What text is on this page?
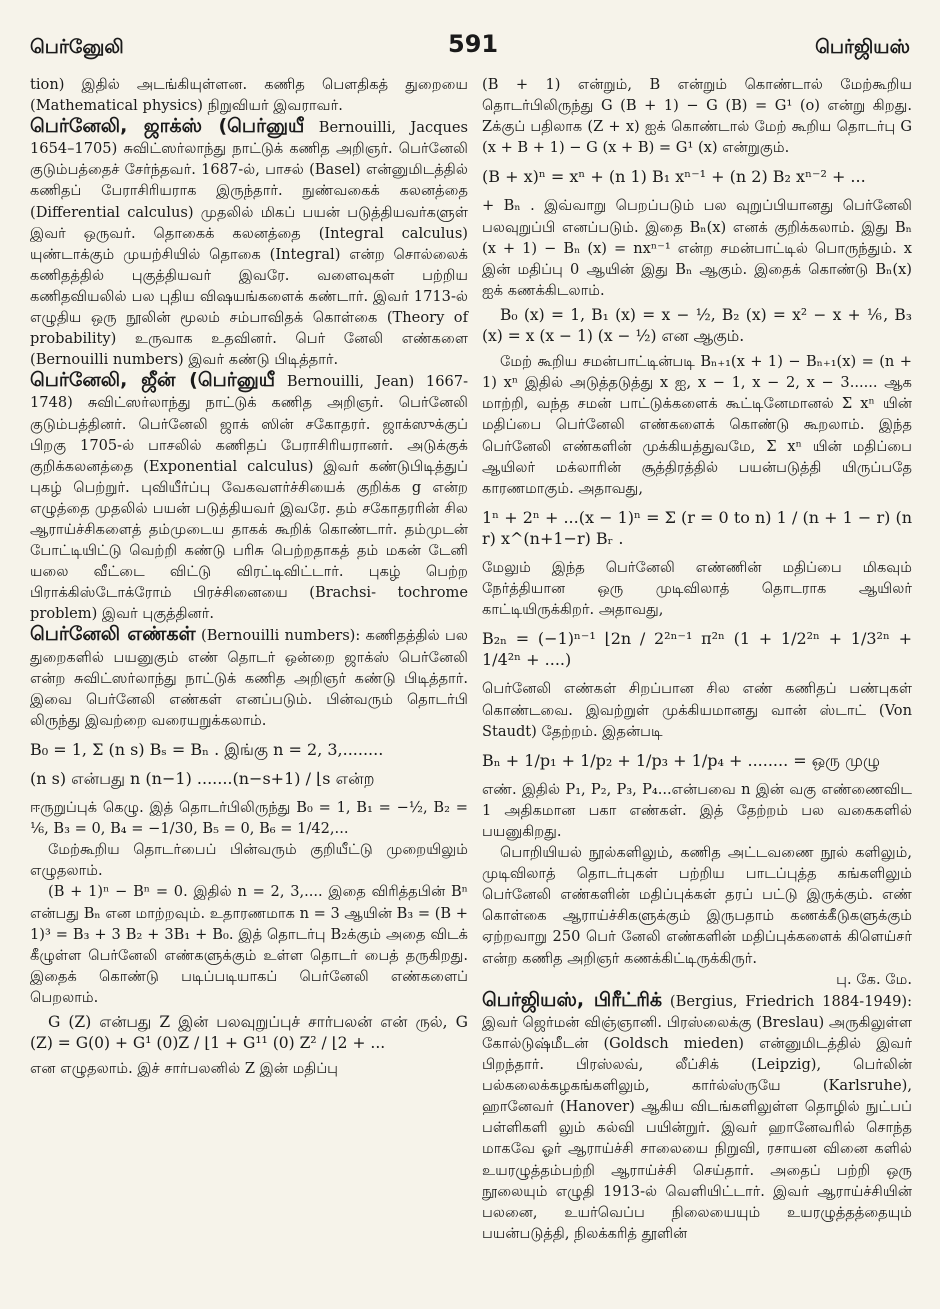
பெர்னுேலி	591	பெர்ஜியஸ்

tion) இதில் அடங்கியுள்ளன. கணித பௌதிகத் துறையை (Mathematical physics) நிறுவியர் இவராவர்.

பெர்னேலி, ஜாக்ஸ் (பெர்னுயீ Bernouilli, Jacques 1654–1705) சுவிட்ஸர்லாந்து நாட்டுக் கணித அறிஞர். பெர்னேலி குடும்பத்தைச் சேர்ந்தவர். 1687-ல், பாசல் (Basel) என்னுமிடத்தில் கணிதப் பேராசிரியராக இருந்தார். நுண்வகைக் கலனத்தை (Differential calculus) முதலில் மிகப் பயன் படுத்தியவர்களுள் இவர் ஒருவர். தொகைக் கலனத்தை (Integral calculus) யுண்டாக்கும் முயற்சியில் தொகை (Integral) என்ற சொல்லைக் கணிதத்தில் புகுத்தியவர் இவரே. வளைவுகள் பற்றிய கணிதவியலில் பல புதிய விஷயங்களைக் கண்டார். இவர் 1713-ல் எழுதிய ஒரு நூலின் மூலம் சம்பாவிதக் கொள்கை (Theory of probability) உருவாக உதவினர். பெர் னேலி எண்களை (Bernouilli numbers) இவர் கண்டு பிடித்தார்.

பெர்னேலி, ஜீன் (பெர்னுயீ Bernouilli, Jean) 1667-1748) சுவிட்ஸர்லாந்து நாட்டுக் கணித அறிஞர். பெர்னேலி குடும்பத்தினர். பெர்னேலி ஜாக் ஸின் சகோதரர். ஜாக்ஸுக்குப் பிறகு 1705-ல் பாசலில் கணிதப் பேராசிரியரானர். அடுக்குக் குறிக்கலனத்தை (Exponential calculus) இவர் கண்டுபிடித்துப் புகழ் பெற்றுர். புவியீர்ப்பு வேகவளர்ச்சியைக் குறிக்க g என்ற எழுத்தை முதலில் பயன் படுத்தியவர் இவரே. தம் சகோதரரின் சில ஆராய்ச்சிகளைத் தம்முடைய தாகக் கூறிக் கொண்டார். தம்முடன் போட்டியிட்டு வெற்றி கண்டு பரிசு பெற்றதாகத் தம் மகன் டேனி யலை வீட்டை விட்டு விரட்டிவிட்டார். புகழ் பெற்ற பிராக்கிஸ்டோக்ரோம் பிரச்சினையை (Brachsi- tochrome problem) இவர் புகுத்தினர்.

பெர்னேலி எண்கள் (Bernouilli numbers): கணிதத்தில் பல துறைகளில் பயனுகும் எண் தொடர் ஒன்றை ஜாக்ஸ் பெர்னேலி என்ற சுவிட்ஸர்லாந்து நாட்டுக் கணித அறிஞர் கண்டு பிடித்தார். இவை பெர்னேலி எண்கள் எனப்படும். பின்வரும் தொடர்பி லிருந்து இவற்றை வரையறுக்கலாம்.

B₀ = 1, Σ (n s) Bₛ = Bₙ . இங்கு n = 2, 3,........

(n s) என்பது n (n−1) .......(n−s+1) / ⌊s என்ற

ஈருறுப்புக் கெழு. இத் தொடர்பிலிருந்து B₀ = 1, B₁ = −½, B₂ = ⅙, B₃ = 0, B₄ = −1/30, B₅ = 0, B₆ = 1/42,...

மேற்கூறிய தொடர்பைப் பின்வரும் குறியீட்டு முறையிலும் எழுதலாம்.

(B + 1)ⁿ − Bⁿ = 0. இதில் n = 2, 3,.... இதை விரித்தபின் Bⁿ என்பது Bₙ என மாற்றவும். உதாரணமாக n = 3 ஆயின் B₃ = (B + 1)³ = B₃ + 3 B₂ + 3B₁ + B₀. இத் தொடர்பு B₂க்கும் அதை விடக் கீழுள்ள பெர்னேலி எண்களுக்கும் உள்ள தொடர் பைத் தருகிறது. இதைக் கொண்டு படிப்படியாகப் பெர்னேலி எண்களைப் பெறலாம்.

G (Z) என்பது Z இன் பலவுறுப்புச் சார்பலன் என் ருல், G (Z) = G(0) + G¹ (0)Z / ⌊1 + G¹¹ (0) Z² / ⌊2 + ...

என எழுதலாம். இச் சார்பலனில் Z இன் மதிப்பு

(B + 1) என்றும், B என்றும் கொண்டால் மேற்கூறிய தொடர்பிலிருந்து G (B + 1) − G (B) = G¹ (o) என்று கிறது. Zக்குப் பதிலாக (Z + x) ஐக் கொண்டால் மேற் கூறிய தொடர்பு G (x + B + 1) − G (x + B) = G¹ (x) என்றுகும்.

(B + x)ⁿ = xⁿ + (n 1) B₁ xⁿ⁻¹ + (n 2) B₂ xⁿ⁻² + ...

+ Bₙ . இவ்வாறு பெறப்படும் பல வுறுப்பியானது பெர்னேலி பலவுறுப்பி எனப்படும். இதை Bₙ(x) எனக் குறிக்கலாம். இது Bₙ (x + 1) − Bₙ (x) = nxⁿ⁻¹ என்ற சமன்பாட்டில் பொருந்தும். x இன் மதிப்பு 0 ஆயின் இது Bₙ ஆகும். இதைக் கொண்டு Bₙ(x) ஐக் கணக்கிடலாம்.

B₀ (x) = 1, B₁ (x) = x − ½, B₂ (x) = x² − x + ⅙, B₃ (x) = x (x − 1) (x − ½) என ஆகும்.

மேற் கூறிய சமன்பாட்டின்படி Bₙ₊₁(x + 1) − Bₙ₊₁(x) = (n + 1) xⁿ இதில் அடுத்தடுத்து x ஐ, x − 1, x − 2, x − 3...... ஆக மாற்றி, வந்த சமன் பாட்டுக்களைக் கூட்டினேமானல் Σ xⁿ யின் மதிப்பை பெர்னேலி எண்களைக் கொண்டு கூறலாம். இந்த பெர்னேலி எண்களின் முக்கியத்துவமே, Σ xⁿ யின் மதிப்பை ஆயிலர் மக்லாரின் சூத்திரத்தில் பயன்படுத்தி யிருப்பதே காரணமாகும். அதாவது,

1ⁿ + 2ⁿ + ...(x − 1)ⁿ = Σ (r = 0 to n) 1 / (n + 1 − r) (n r) x^(n+1−r) Bᵣ .

மேலும் இந்த பெர்னேலி எண்ணின் மதிப்பை மிகவும் நேர்த்தியான ஒரு முடிவிலாத் தொடராக ஆயிலர் காட்டியிருக்கிறர். அதாவது,

B₂ₙ = (−1)ⁿ⁻¹ ⌊2n / 2²ⁿ⁻¹ π²ⁿ (1 + 1/2²ⁿ + 1/3²ⁿ + 1/4²ⁿ + ....)

பெர்னேலி எண்கள் சிறப்பான சில எண் கணிதப் பண்புகள் கொண்டவை. இவற்றுள் முக்கியமானது வான் ஸ்டாட் (Von Staudt) தேற்றம். இதன்படி

Bₙ + 1/p₁ + 1/p₂ + 1/p₃ + 1/p₄ + ........ = ஒரு முழு

எண். இதில் P₁, P₂, P₃, P₄...என்பவை n இன் வகு எண்ணைவிட 1 அதிகமான பகா எண்கள். இத் தேற்றம் பல வகைகளில் பயனுகிறது.

பொறியியல் நூல்களிலும், கணித அட்டவணை நூல் களிலும், முடிவிலாத் தொடர்புகள் பற்றிய பாடப்புத்த கங்களிலும் பெர்னேலி எண்களின் மதிப்புக்கள் தரப் பட்டு இருக்கும். எண் கொள்கை ஆராய்ச்சிகளுக்கும் இருபதாம் கணக்கீடுகளுக்கும் ஏற்றவாறு 250 பெர் னேலி எண்களின் மதிப்புக்களைக் கிளெய்சர் என்ற கணித அறிஞர் கணக்கிட்டிருக்கிருர்.

பு. கே. மே.

பெர்ஜியஸ், பிரீட்ரிக் (Bergius, Friedrich 1884-1949): இவர் ஜெர்மன் விஞ்ஞானி. பிரஸ்லைக்கு (Breslau) அருகிலுள்ள கோல்டுஷ்மீடன் (Goldsch mieden) என்னுமிடத்தில் இவர் பிறந்தார். பிரஸ்லவ், லீப்சிக் (Leipzig), பெர்லின் பல்கலைக்கழகங்களிலும், கார்ல்ஸ்ருயே (Karlsruhe), ஹானேவர் (Hanover) ஆகிய விடங்களிலுள்ள தொழில் நுட்பப் பள்ளிகளி லும் கல்வி பயின்றுர். இவர் ஹானேவரில் சொந்த மாகவே ஓர் ஆராய்ச்சி சாலையை நிறுவி, ரசாயன வினை களில் உயரழுத்தம்பற்றி ஆராய்ச்சி செய்தார். அதைப் பற்றி ஒரு நூலையும் எழுதி 1913-ல் வெளியிட்டார். இவர் ஆராய்ச்சியின் பலனை, உயர்வெப்ப நிலையையும் உயரழுத்தத்தையும் பயன்படுத்தி, நிலக்கரித் தூளின்
